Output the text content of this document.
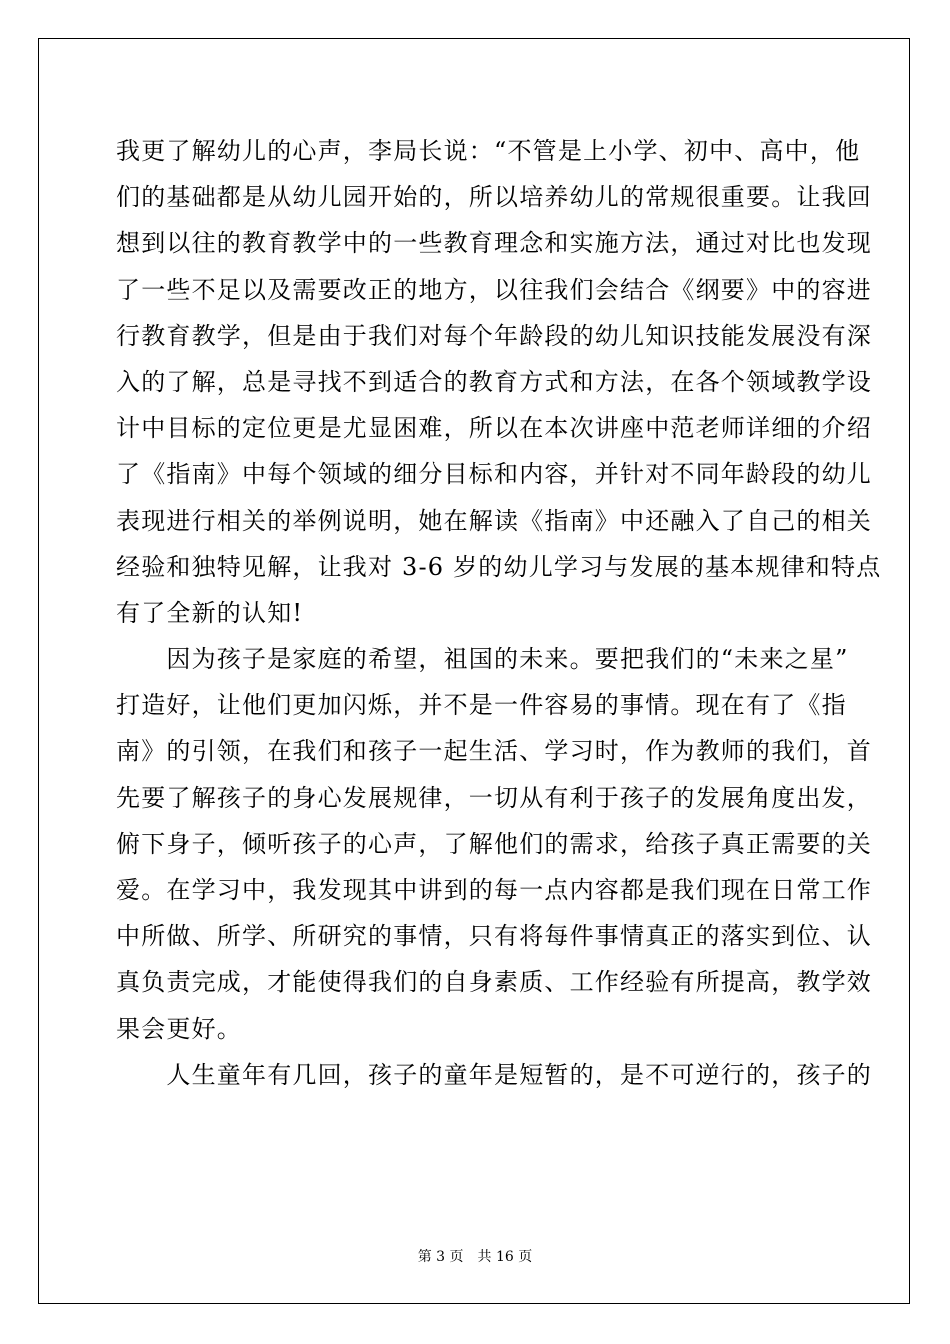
我更了解幼儿的心声，李局长说：“不管是上小学、初中、高中，他
们的基础都是从幼儿园开始的，所以培养幼儿的常规很重要。让我回
想到以往的教育教学中的一些教育理念和实施方法，通过对比也发现
了一些不足以及需要改正的地方，以往我们会结合《纲要》中的容进
行教育教学，但是由于我们对每个年龄段的幼儿知识技能发展没有深
入的了解，总是寻找不到适合的教育方式和方法，在各个领域教学设
计中目标的定位更是尤显困难，所以在本次讲座中范老师详细的介绍
了《指南》中每个领域的细分目标和内容，并针对不同年龄段的幼儿
表现进行相关的举例说明，她在解读《指南》中还融入了自己的相关
经验和独特见解，让我对 3-6 岁的幼儿学习与发展的基本规律和特点
有了全新的认知!
　　因为孩子是家庭的希望，祖国的未来。要把我们的“未来之星”
打造好，让他们更加闪烁，并不是一件容易的事情。现在有了《指
南》的引领，在我们和孩子一起生活、学习时，作为教师的我们，首
先要了解孩子的身心发展规律，一切从有利于孩子的发展角度出发，
俯下身子，倾听孩子的心声，了解他们的需求，给孩子真正需要的关
爱。在学习中，我发现其中讲到的每一点内容都是我们现在日常工作
中所做、所学、所研究的事情，只有将每件事情真正的落实到位、认
真负责完成，才能使得我们的自身素质、工作经验有所提高，教学效
果会更好。
　　人生童年有几回，孩子的童年是短暂的，是不可逆行的，孩子的
第 3 页　共 16 页
